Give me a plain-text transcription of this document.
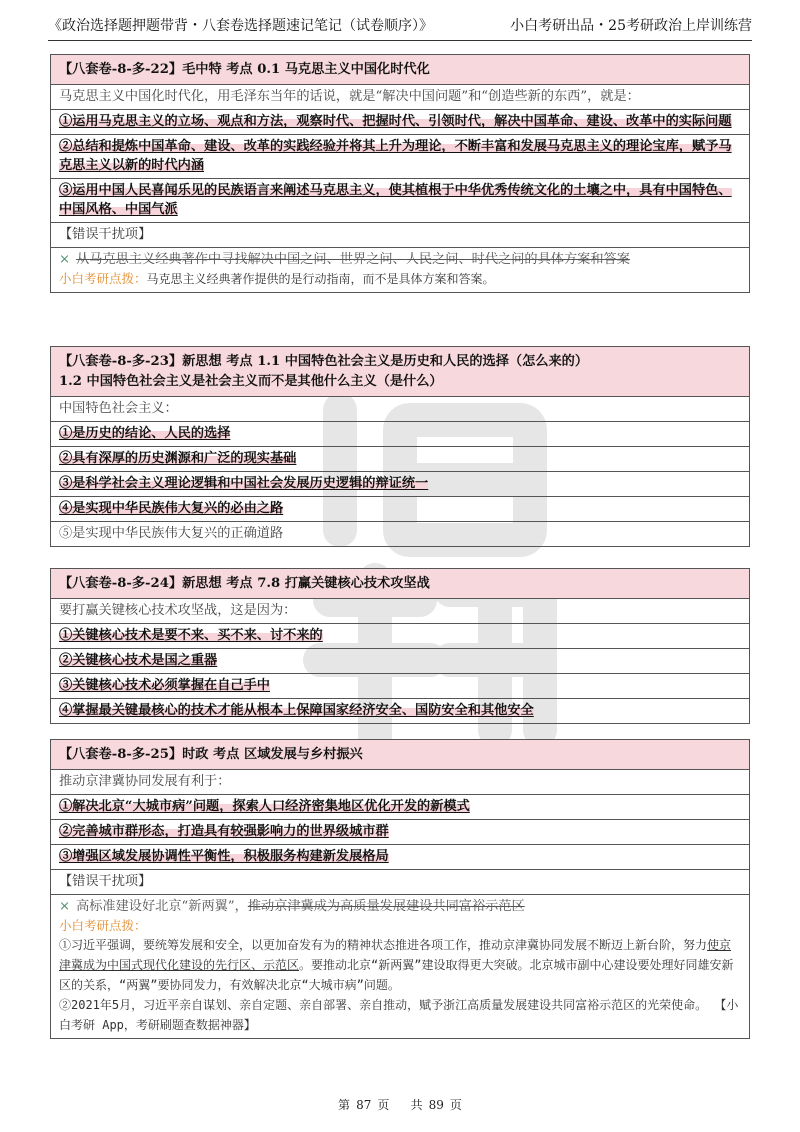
《政治选择题押题带背・八套卷选择题速记笔记（试卷顺序）》	小白考研出品・25考研政治上岸训练营
【八套卷-8-多-22】毛中特 考点 0.1 马克思主义中国化时代化
马克思主义中国化时代化，用毛泽东当年的话说，就是“解决中国问题”和“创造些新的东西”，就是：
①运用马克思主义的立场、观点和方法，观察时代、把握时代、引领时代，解决中国革命、建设、改革中的实际问题
②总结和提炼中国革命、建设、改革的实践经验并将其上升为理论，不断丰富和发展马克思主义的理论宝库，赋予马克思主义以新的时代内涵
③运用中国人民喜闻乐见的民族语言来阐述马克思主义，使其植根于中华优秀传统文化的土壤之中，具有中国特色、中国风格、中国气派
【错误干扰项】
× 从马克思主义经典著作中寻找解决中国之问、世界之问、人民之问、时代之问的具体方案和答案
小白考研点拨：马克思主义经典著作提供的是行动指南，而不是具体方案和答案。
【八套卷-8-多-23】新思想 考点 1.1 中国特色社会主义是历史和人民的选择（怎么来的）
1.2 中国特色社会主义是社会主义而不是其他什么主义（是什么）
中国特色社会主义：
①是历史的结论、人民的选择
②具有深厚的历史渊源和广泛的现实基础
③是科学社会主义理论逻辑和中国社会发展历史逻辑的辩证统一
④是实现中华民族伟大复兴的必由之路
⑤是实现中华民族伟大复兴的正确道路
【八套卷-8-多-24】新思想 考点 7.8 打赢关键核心技术攻坚战
要打赢关键核心技术攻坚战，这是因为：
①关键核心技术是要不来、买不来、讨不来的
②关键核心技术是国之重器
③关键核心技术必须掌握在自己手中
④掌握最关键最核心的技术才能从根本上保障国家经济安全、国防安全和其他安全
【八套卷-8-多-25】时政 考点 区域发展与乡村振兴
推动京津冀协同发展有利于：
①解决北京“大城市病”问题，探索人口经济密集地区优化开发的新模式
②完善城市群形态，打造具有较强影响力的世界级城市群
③增强区域发展协调性平衡性，积极服务构建新发展格局
【错误干扰项】
× 高标准建设好北京“新两翼”，推动京津冀成为高质量发展建设共同富裕示范区
小白考研点拨：
①习近平强调，要统筹发展和安全，以更加奋发有为的精神状态推进各项工作，推动京津冀协同发展不断迈上新台阶，努力使京津冀成为中国式现代化建设的先行区、示范区。要推动北京“新两翼”建设取得更大突破。北京城市副中心建设要处理好同雄安新区的关系，“两翼”要协同发力，有效解决北京“大城市病”问题。
②2021年5月，习近平亲自谋划、亲自定题、亲自部署、亲自推动，赋予浙江高质量发展建设共同富裕示范区的光荣使命。 【小白考研 App，考研刷题查数据神器】
第 87 页 共 89 页
